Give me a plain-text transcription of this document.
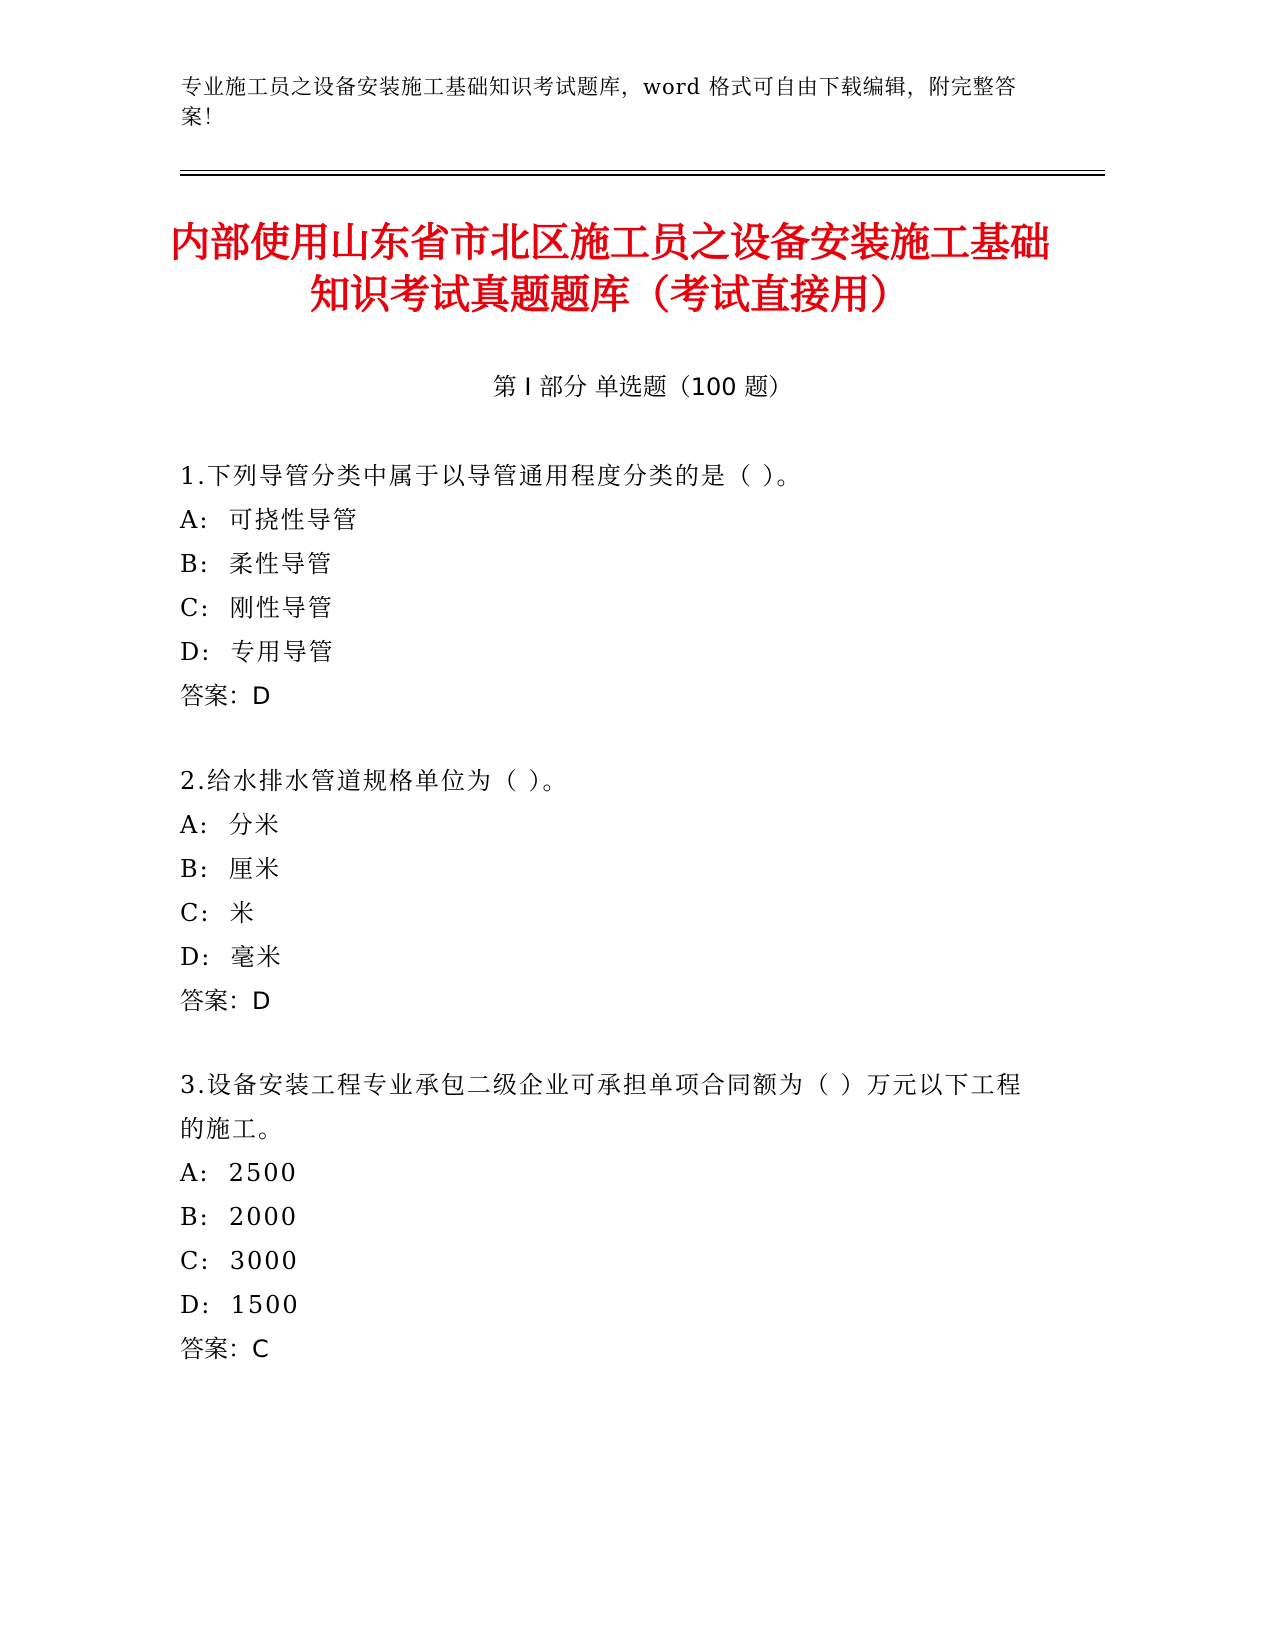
专业施工员之设备安装施工基础知识考试题库，word 格式可自由下载编辑，附完整答案！
内部使用山东省市北区施工员之设备安装施工基础知识考试真题题库（考试直接用）
第 I 部分 单选题（100 题）

1.下列导管分类中属于以导管通用程度分类的是（ ）。

A:  可挠性导管

B:  柔性导管

C:  刚性导管

D:  专用导管

答案：D

2.给水排水管道规格单位为（ ）。

A:  分米

B:  厘米

C:  米

D:  毫米

答案：D

3.设备安装工程专业承包二级企业可承担单项合同额为（ ）万元以下工程的施工。

A:  2500

B:  2000

C:  3000

D:  1500

答案：C
